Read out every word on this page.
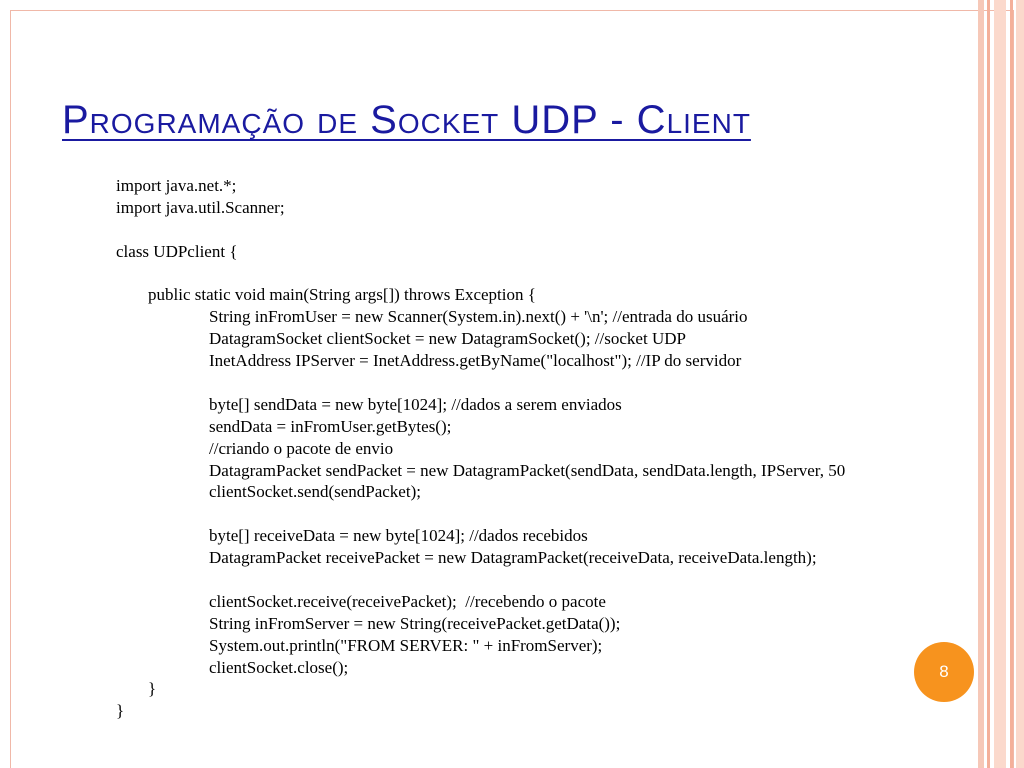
Programação de Socket UDP - Client
import java.net.*;
import java.util.Scanner;
class UDPclient {
public static void main(String args[]) throws Exception {
String inFromUser = new Scanner(System.in).next() + '\n'; //entrada do usuário
DatagramSocket clientSocket = new DatagramSocket(); //socket UDP
InetAddress IPServer = InetAddress.getByName("localhost"); //IP do servidor
byte[] sendData = new byte[1024]; //dados a serem enviados
sendData = inFromUser.getBytes();
//criando o pacote de envio
DatagramPacket sendPacket = new DatagramPacket(sendData, sendData.length, IPServer, 50
clientSocket.send(sendPacket);
byte[] receiveData = new byte[1024]; //dados recebidos
DatagramPacket receivePacket = new DatagramPacket(receiveData, receiveData.length);
clientSocket.receive(receivePacket);  //recebendo o pacote
String inFromServer = new String(receivePacket.getData());
System.out.println("FROM SERVER: " + inFromServer);
clientSocket.close();
}
}
8
